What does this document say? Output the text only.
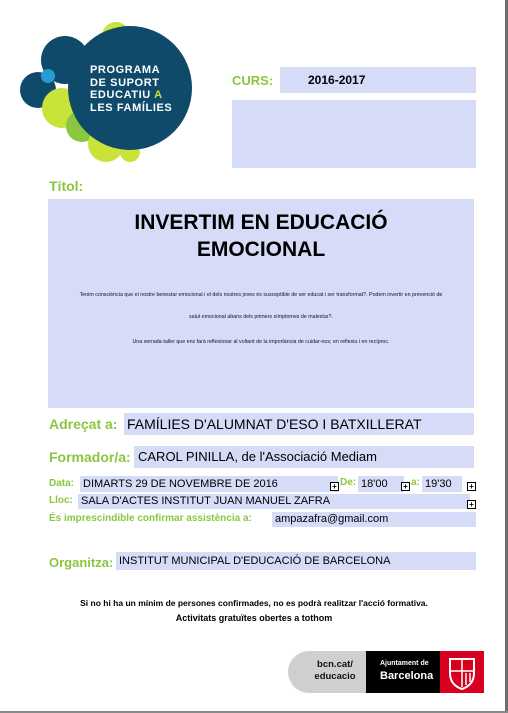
PROGRAMA
DE SUPORT
EDUCATIU A
LES FAMÍLIES
CURS:	2016-2017
Títol:
INVERTIM EN EDUCACIÓ
EMOCIONAL
Tenim consciència que el nostre benestar emocional i el dels nostres joves és susceptible de ser educat i ser transformat?. Podem invertir en prevenció de
salut emocional abans dels primers símptomes de malestar?.
Una xerrada-taller que ens farà reflexionar al voltant de la importància de cuidar-nos; en reflexiu i en recíproc.
Adreçat a: FAMÍLIES D'ALUMNAT D'ESO I BATXILLERAT
Formador/a: CAROL PINILLA, de l'Associació Mediam
Data: DIMARTS 29 DE NOVEMBRE DE 2016	+ De: 18'00 + a: 19'30 +
Lloc: SALA D'ACTES INSTITUT JUAN MANUEL ZAFRA	+
És imprescindible confirmar assistència a: ampazafra@gmail.com
Organitza: INSTITUT MUNICIPAL D'EDUCACIÓ DE BARCELONA
Si no hi ha un mínim de persones confirmades, no es podrà realitzar l'acció formativa.
Activitats gratuïtes obertes a tothom
bcn.cat/
educacio
Ajuntament de
Barcelona
